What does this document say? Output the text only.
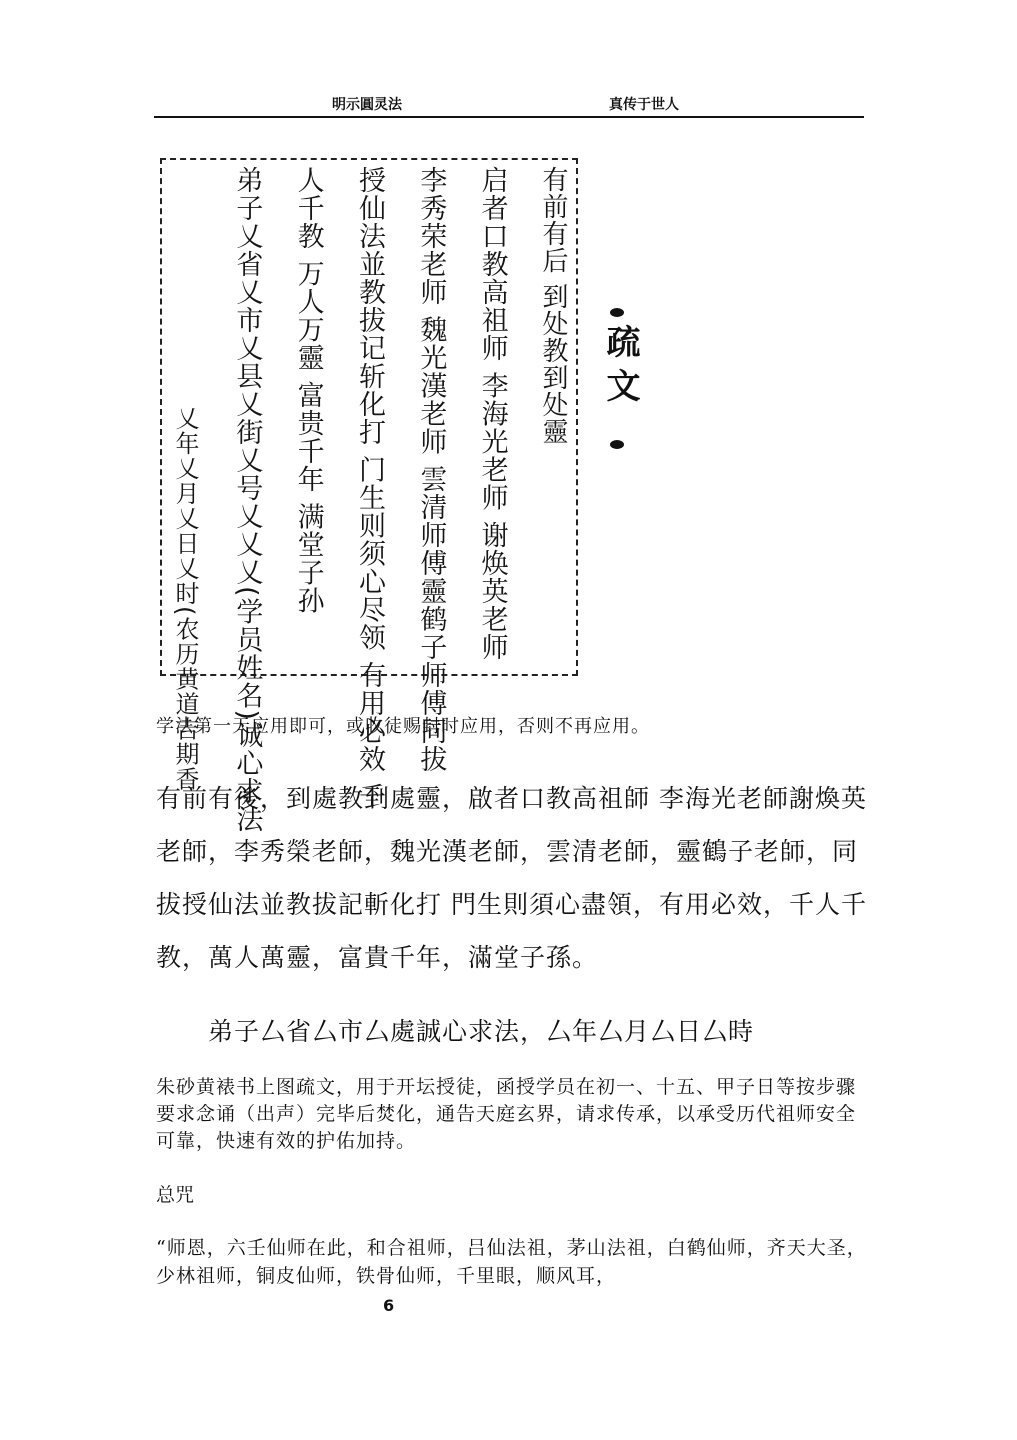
明示圓灵法	真传于世人
有前有后 到处教到处靈
启者口教高祖师 李海光老师 谢焕英老师
李秀荣老师 魏光漢老师 雲清师傅靈鹤子师傅同拔
授仙法並教拔记斩化打 门生则须心尽领 有用必效 千
人千教 万人万靈 富贵千年 满堂子孙
弟子乂省乂市乂县乂街乂号乂乂乂(学员姓名)诚心求法
乂年乂月乂日乂时(农历黄道吉期香
疏文
学法第一天应用即可，或收徒赐封时应用，否则不再应用。
有前有後，到處教到處靈，啟者口教高祖師 李海光老師謝煥英老師，李秀榮老師，魏光漢老師，雲清老師，靈鶴子老師，同拔授仙法並教拔記斬化打 門生則須心盡領，有用必效，千人千教，萬人萬靈，富貴千年，滿堂子孫。
弟子厶省厶市厶處誠心求法，厶年厶月厶日厶時
朱砂黄裱书上图疏文，用于开坛授徒，函授学员在初一、十五、甲子日等按步骤要求念诵（出声）完毕后焚化，通告天庭玄界，请求传承，以承受历代祖师安全可靠，快速有效的护佑加持。
总咒
“师恩，六壬仙师在此，和合祖师，吕仙法祖，茅山法祖，白鹤仙师，齐天大圣，少林祖师，铜皮仙师，铁骨仙师，千里眼，顺风耳，
6
